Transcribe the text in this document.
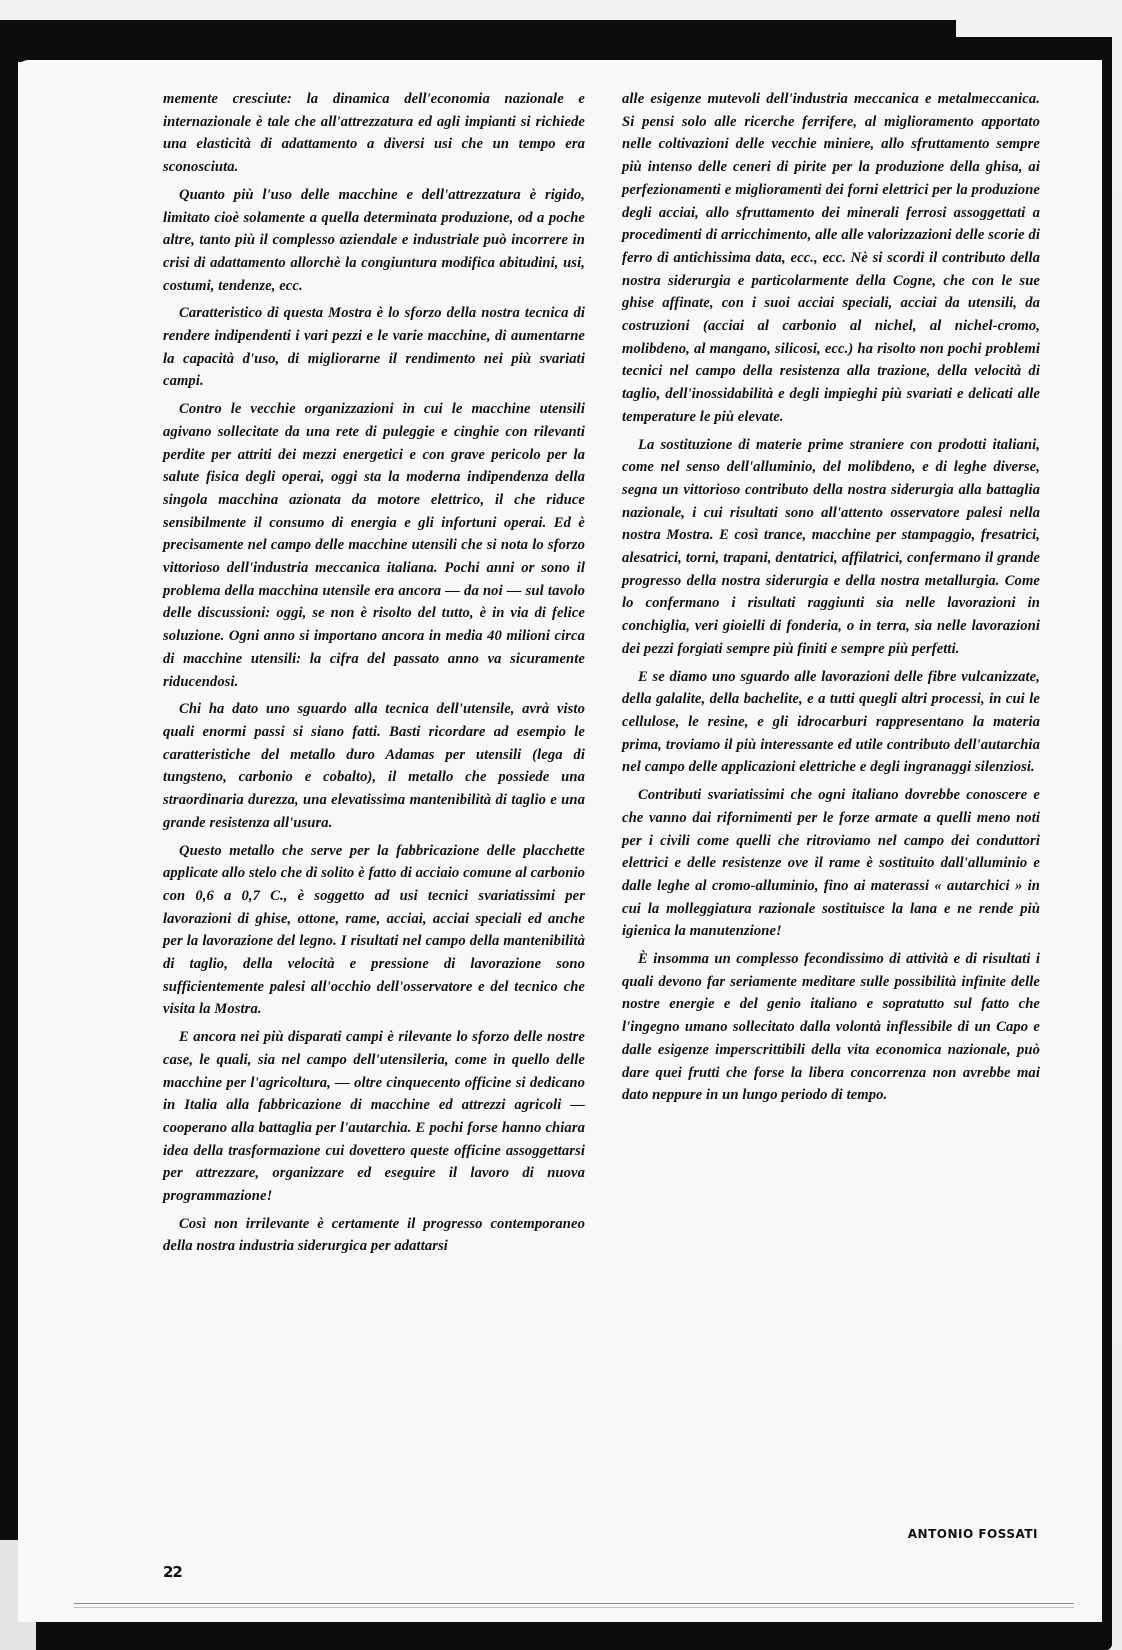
memente cresciute: la dinamica dell'economia nazionale e internazionale è tale che all'attrezzatura ed agli impianti si richiede una elasticità di adattamento a diversi usi che un tempo era sconosciuta.

Quanto più l'uso delle macchine e dell'attrezzatura è rigido, limitato cioè solamente a quella determinata produzione, od a poche altre, tanto più il complesso aziendale e industriale può incorrere in crisi di adattamento allorchè la congiuntura modifica abitudini, usi, costumi, tendenze, ecc.

Caratteristico di questa Mostra è lo sforzo della nostra tecnica di rendere indipendenti i vari pezzi e le varie macchine, di aumentarne la capacità d'uso, di migliorarne il rendimento nei più svariati campi.

Contro le vecchie organizzazioni in cui le macchine utensili agivano sollecitate da una rete di puleggie e cinghie con rilevanti perdite per attriti dei mezzi energetici e con grave pericolo per la salute fisica degli operai, oggi sta la moderna indipendenza della singola macchina azionata da motore elettrico, il che riduce sensibilmente il consumo di energia e gli infortuni operai. Ed è precisamente nel campo delle macchine utensili che si nota lo sforzo vittorioso dell'industria meccanica italiana. Pochi anni or sono il problema della macchina utensile era ancora — da noi — sul tavolo delle discussioni: oggi, se non è risolto del tutto, è in via di felice soluzione. Ogni anno si importano ancora in media 40 milioni circa di macchine utensili: la cifra del passato anno va sicuramente riducendosi.

Chi ha dato uno sguardo alla tecnica dell'utensile, avrà visto quali enormi passi si siano fatti. Basti ricordare ad esempio le caratteristiche del metallo duro Adamas per utensili (lega di tungsteno, carbonio e cobalto), il metallo che possiede una straordinaria durezza, una elevatissima mantenibilità di taglio e una grande resistenza all'usura.

Questo metallo che serve per la fabbricazione delle placchette applicate allo stelo che di solito è fatto di acciaio comune al carbonio con 0,6 a 0,7 C., è soggetto ad usi tecnici svariatissimi per lavorazioni di ghise, ottone, rame, acciai, acciai speciali ed anche per la lavorazione del legno. I risultati nel campo della mantenibilità di taglio, della velocità e pressione di lavorazione sono sufficientemente palesi all'occhio dell'osservatore e del tecnico che visita la Mostra.

E ancora nei più disparati campi è rilevante lo sforzo delle nostre case, le quali, sia nel campo dell'utensileria, come in quello delle macchine per l'agricoltura, — oltre cinquecento officine si dedicano in Italia alla fabbricazione di macchine ed attrezzi agricoli — cooperano alla battaglia per l'autarchia. E pochi forse hanno chiara idea della trasformazione cui dovettero queste officine assoggettarsi per attrezzare, organizzare ed eseguire il lavoro di nuova programmazione!

Così non irrilevante è certamente il progresso contemporaneo della nostra industria siderurgica per adattarsi

alle esigenze mutevoli dell'industria meccanica e metalmeccanica. Si pensi solo alle ricerche ferrifere, al miglioramento apportato nelle coltivazioni delle vecchie miniere, allo sfruttamento sempre più intenso delle ceneri di pirite per la produzione della ghisa, ai perfezionamenti e miglioramenti dei forni elettrici per la produzione degli acciai, allo sfruttamento dei minerali ferrosi assoggettati a procedimenti di arricchimento, alle alle valorizzazioni delle scorie di ferro di antichissima data, ecc., ecc. Nè si scordi il contributo della nostra siderurgia e particolarmente della Cogne, che con le sue ghise affinate, con i suoi acciai speciali, acciai da utensili, da costruzioni (acciai al carbonio al nichel, al nichel-cromo, molibdeno, al mangano, silicosi, ecc.) ha risolto non pochi problemi tecnici nel campo della resistenza alla trazione, della velocità di taglio, dell'inossidabilità e degli impieghi più svariati e delicati alle temperature le più elevate.

La sostituzione di materie prime straniere con prodotti italiani, come nel senso dell'alluminio, del molibdeno, e di leghe diverse, segna un vittorioso contributo della nostra siderurgia alla battaglia nazionale, i cui risultati sono all'attento osservatore palesi nella nostra Mostra. E così trance, macchine per stampaggio, fresatrici, alesatrici, torni, trapani, dentatrici, affilatrici, confermano il grande progresso della nostra siderurgia e della nostra metallurgia. Come lo confermano i risultati raggiunti sia nelle lavorazioni in conchiglia, veri gioielli di fonderia, o in terra, sia nelle lavorazioni dei pezzi forgiati sempre più finiti e sempre più perfetti.

E se diamo uno sguardo alle lavorazioni delle fibre vulcanizzate, della galalite, della bachelite, e a tutti quegli altri processi, in cui le cellulose, le resine, e gli idrocarburi rappresentano la materia prima, troviamo il più interessante ed utile contributo dell'autarchia nel campo delle applicazioni elettriche e degli ingranaggi silenziosi.

Contributi svariatissimi che ogni italiano dovrebbe conoscere e che vanno dai rifornimenti per le forze armate a quelli meno noti per i civili come quelli che ritroviamo nel campo dei conduttori elettrici e delle resistenze ove il rame è sostituito dall'alluminio e dalle leghe al cromo-alluminio, fino ai materassi « autarchici » in cui la molleggiatura razionale sostituisce la lana e ne rende più igienica la manutenzione!

È insomma un complesso fecondissimo di attività e di risultati i quali devono far seriamente meditare sulle possibilità infinite delle nostre energie e del genio italiano e sopratutto sul fatto che l'ingegno umano sollecitato dalla volontà inflessibile di un Capo e dalle esigenze imperscrittibili della vita economica nazionale, può dare quei frutti che forse la libera concorrenza non avrebbe mai dato neppure in un lungo periodo di tempo.

ANTONIO FOSSATI
22
